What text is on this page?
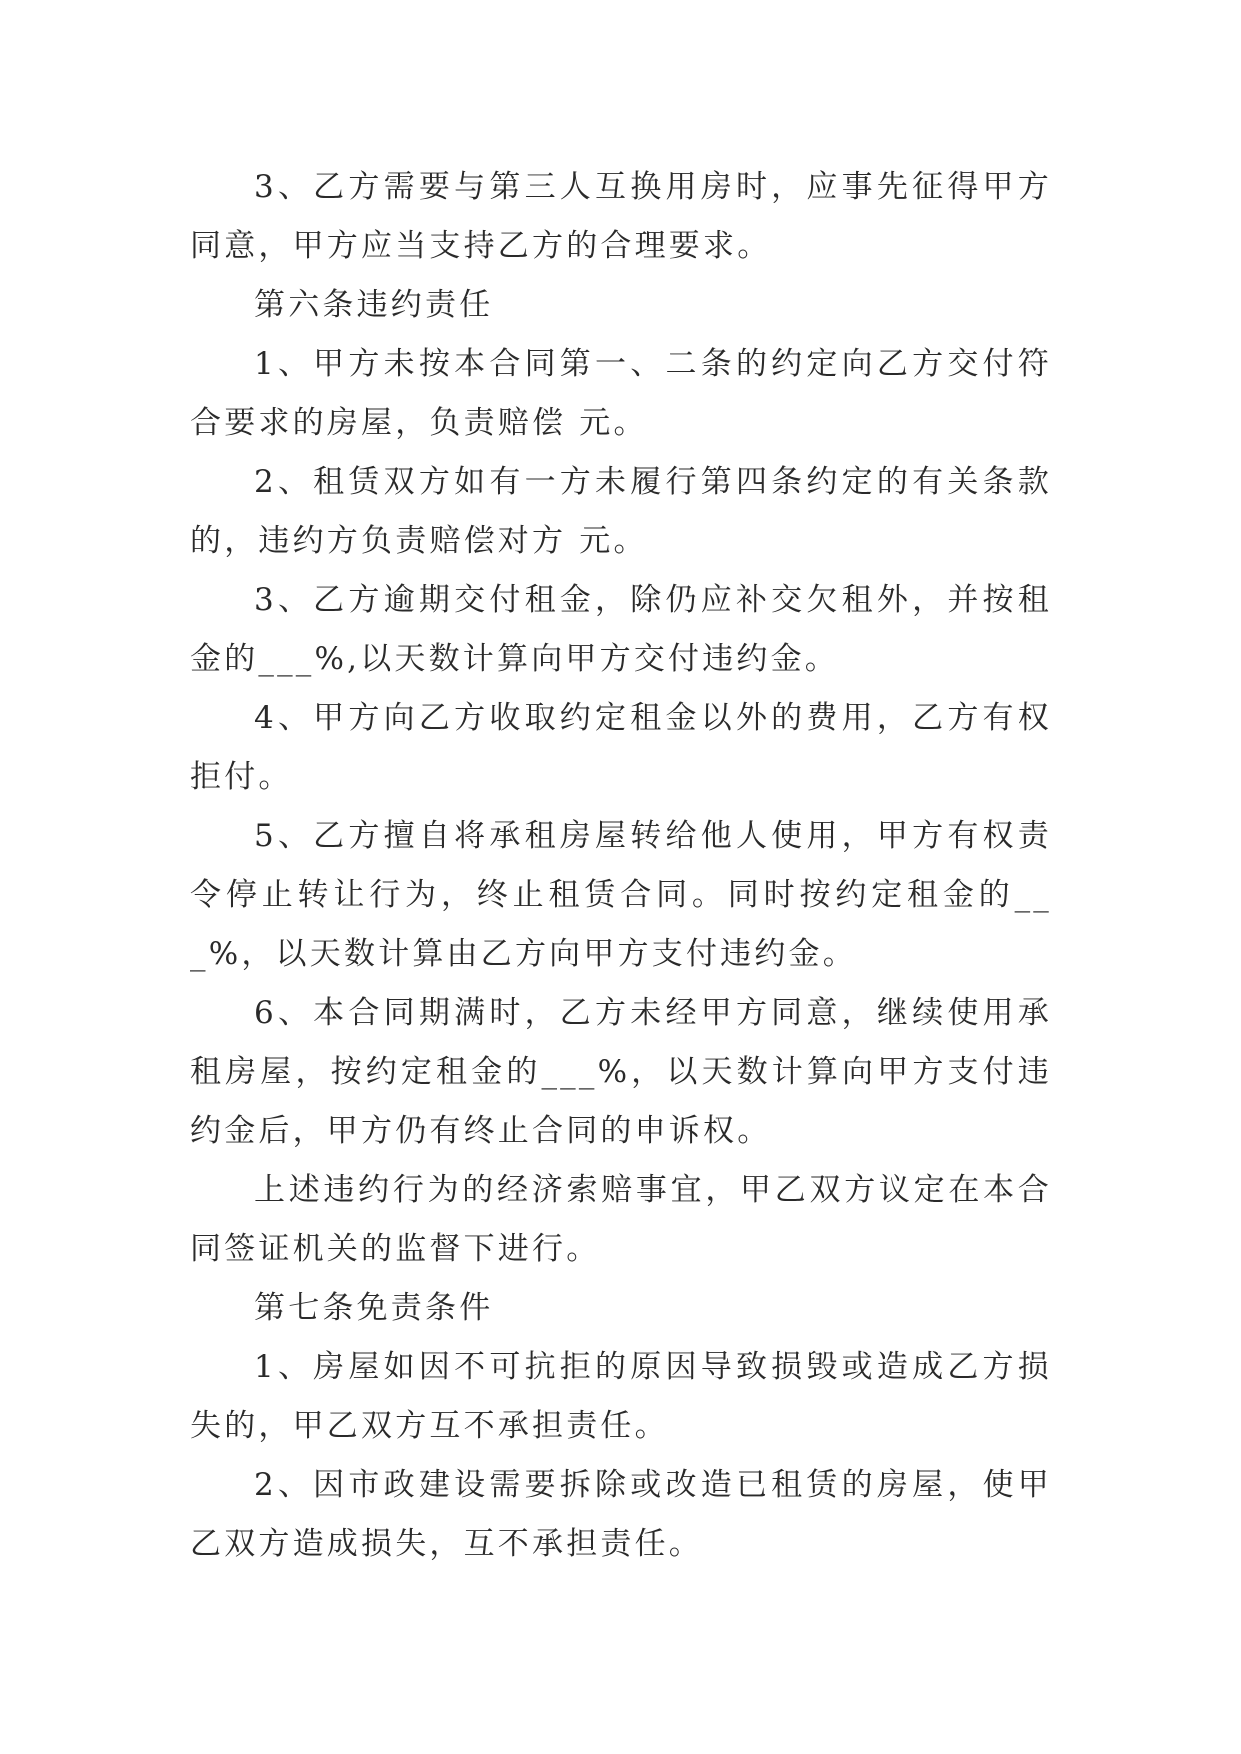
3、乙方需要与第三人互换用房时，应事先征得甲方同意，甲方应当支持乙方的合理要求。

第六条违约责任

1、甲方未按本合同第一、二条的约定向乙方交付符合要求的房屋，负责赔偿 元。

2、租赁双方如有一方未履行第四条约定的有关条款的，违约方负责赔偿对方 元。

3、乙方逾期交付租金，除仍应补交欠租外，并按租金的___%,以天数计算向甲方交付违约金。

4、甲方向乙方收取约定租金以外的费用，乙方有权拒付。

5、乙方擅自将承租房屋转给他人使用，甲方有权责令停止转让行为，终止租赁合同。同时按约定租金的___%，以天数计算由乙方向甲方支付违约金。

6、本合同期满时，乙方未经甲方同意，继续使用承租房屋，按约定租金的___%，以天数计算向甲方支付违约金后，甲方仍有终止合同的申诉权。

上述违约行为的经济索赔事宜，甲乙双方议定在本合同签证机关的监督下进行。

第七条免责条件

1、房屋如因不可抗拒的原因导致损毁或造成乙方损失的，甲乙双方互不承担责任。

2、因市政建设需要拆除或改造已租赁的房屋，使甲乙双方造成损失，互不承担责任。
